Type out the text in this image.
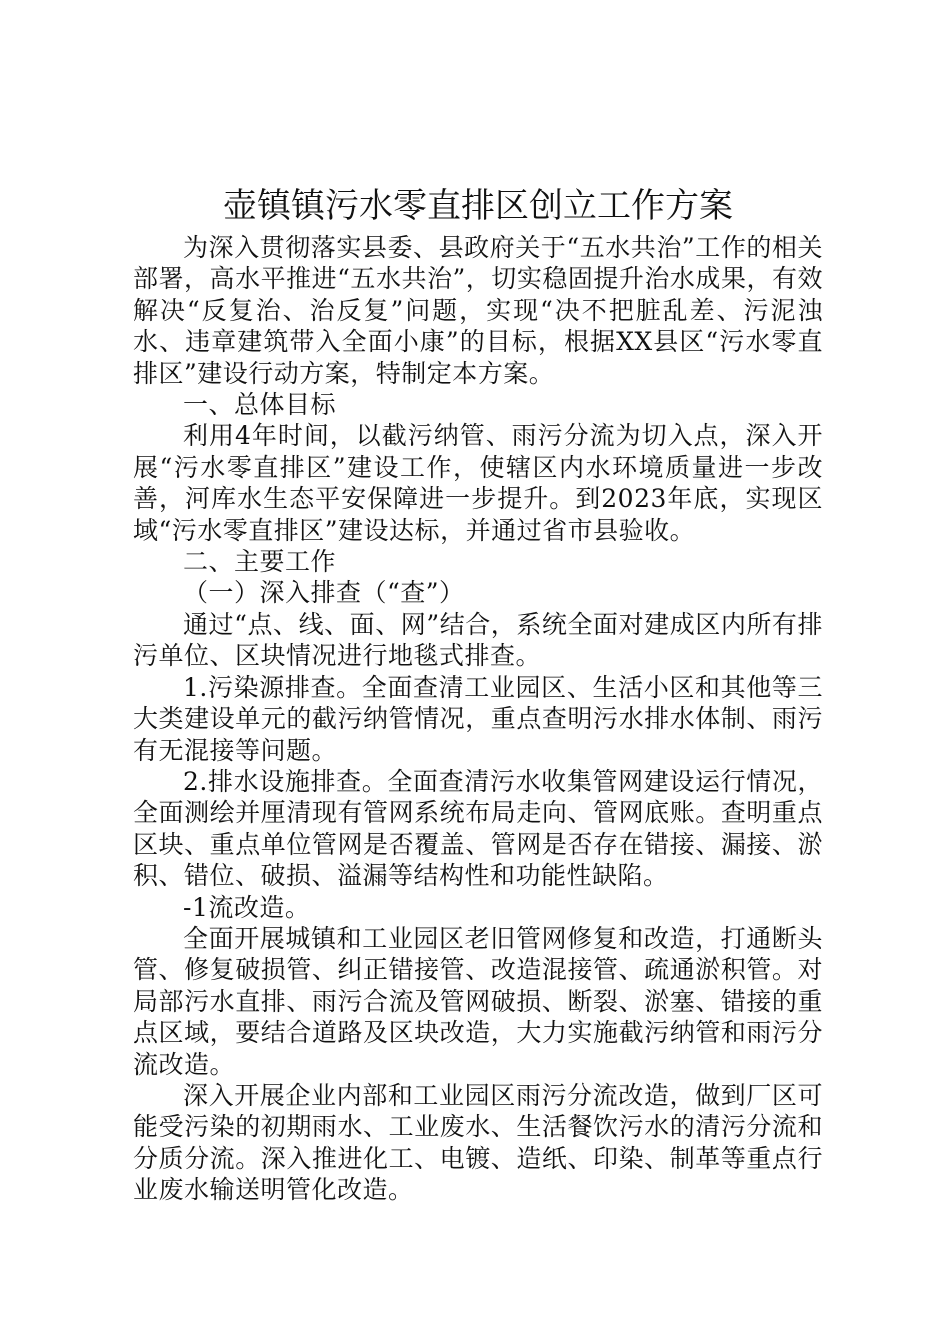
壶镇镇污水零直排区创立工作方案

为深入贯彻落实县委、县政府关于“五水共治”工作的相关部署，高水平推进“五水共治”，切实稳固提升治水成果，有效解决“反复治、治反复”问题，实现“决不把脏乱差、污泥浊水、违章建筑带入全面小康”的目标，根据XX县区“污水零直排区”建设行动方案，特制定本方案。

一、总体目标

利用4年时间，以截污纳管、雨污分流为切入点，深入开展“污水零直排区”建设工作，使辖区内水环境质量进一步改善，河库水生态平安保障进一步提升。到2023年底，实现区域“污水零直排区”建设达标，并通过省市县验收。

二、主要工作

（一）深入排查（“查”）

通过“点、线、面、网”结合，系统全面对建成区内所有排污单位、区块情况进行地毯式排查。

1.污染源排查。全面查清工业园区、生活小区和其他等三大类建设单元的截污纳管情况，重点查明污水排水体制、雨污有无混接等问题。

2.排水设施排查。全面查清污水收集管网建设运行情况，全面测绘并厘清现有管网系统布局走向、管网底账。查明重点区块、重点单位管网是否覆盖、管网是否存在错接、漏接、淤积、错位、破损、溢漏等结构性和功能性缺陷。

-1流改造。

全面开展城镇和工业园区老旧管网修复和改造，打通断头管、修复破损管、纠正错接管、改造混接管、疏通淤积管。对局部污水直排、雨污合流及管网破损、断裂、淤塞、错接的重点区域，要结合道路及区块改造，大力实施截污纳管和雨污分流改造。

深入开展企业内部和工业园区雨污分流改造，做到厂区可能受污染的初期雨水、工业废水、生活餐饮污水的清污分流和分质分流。深入推进化工、电镀、造纸、印染、制革等重点行业废水输送明管化改造。
